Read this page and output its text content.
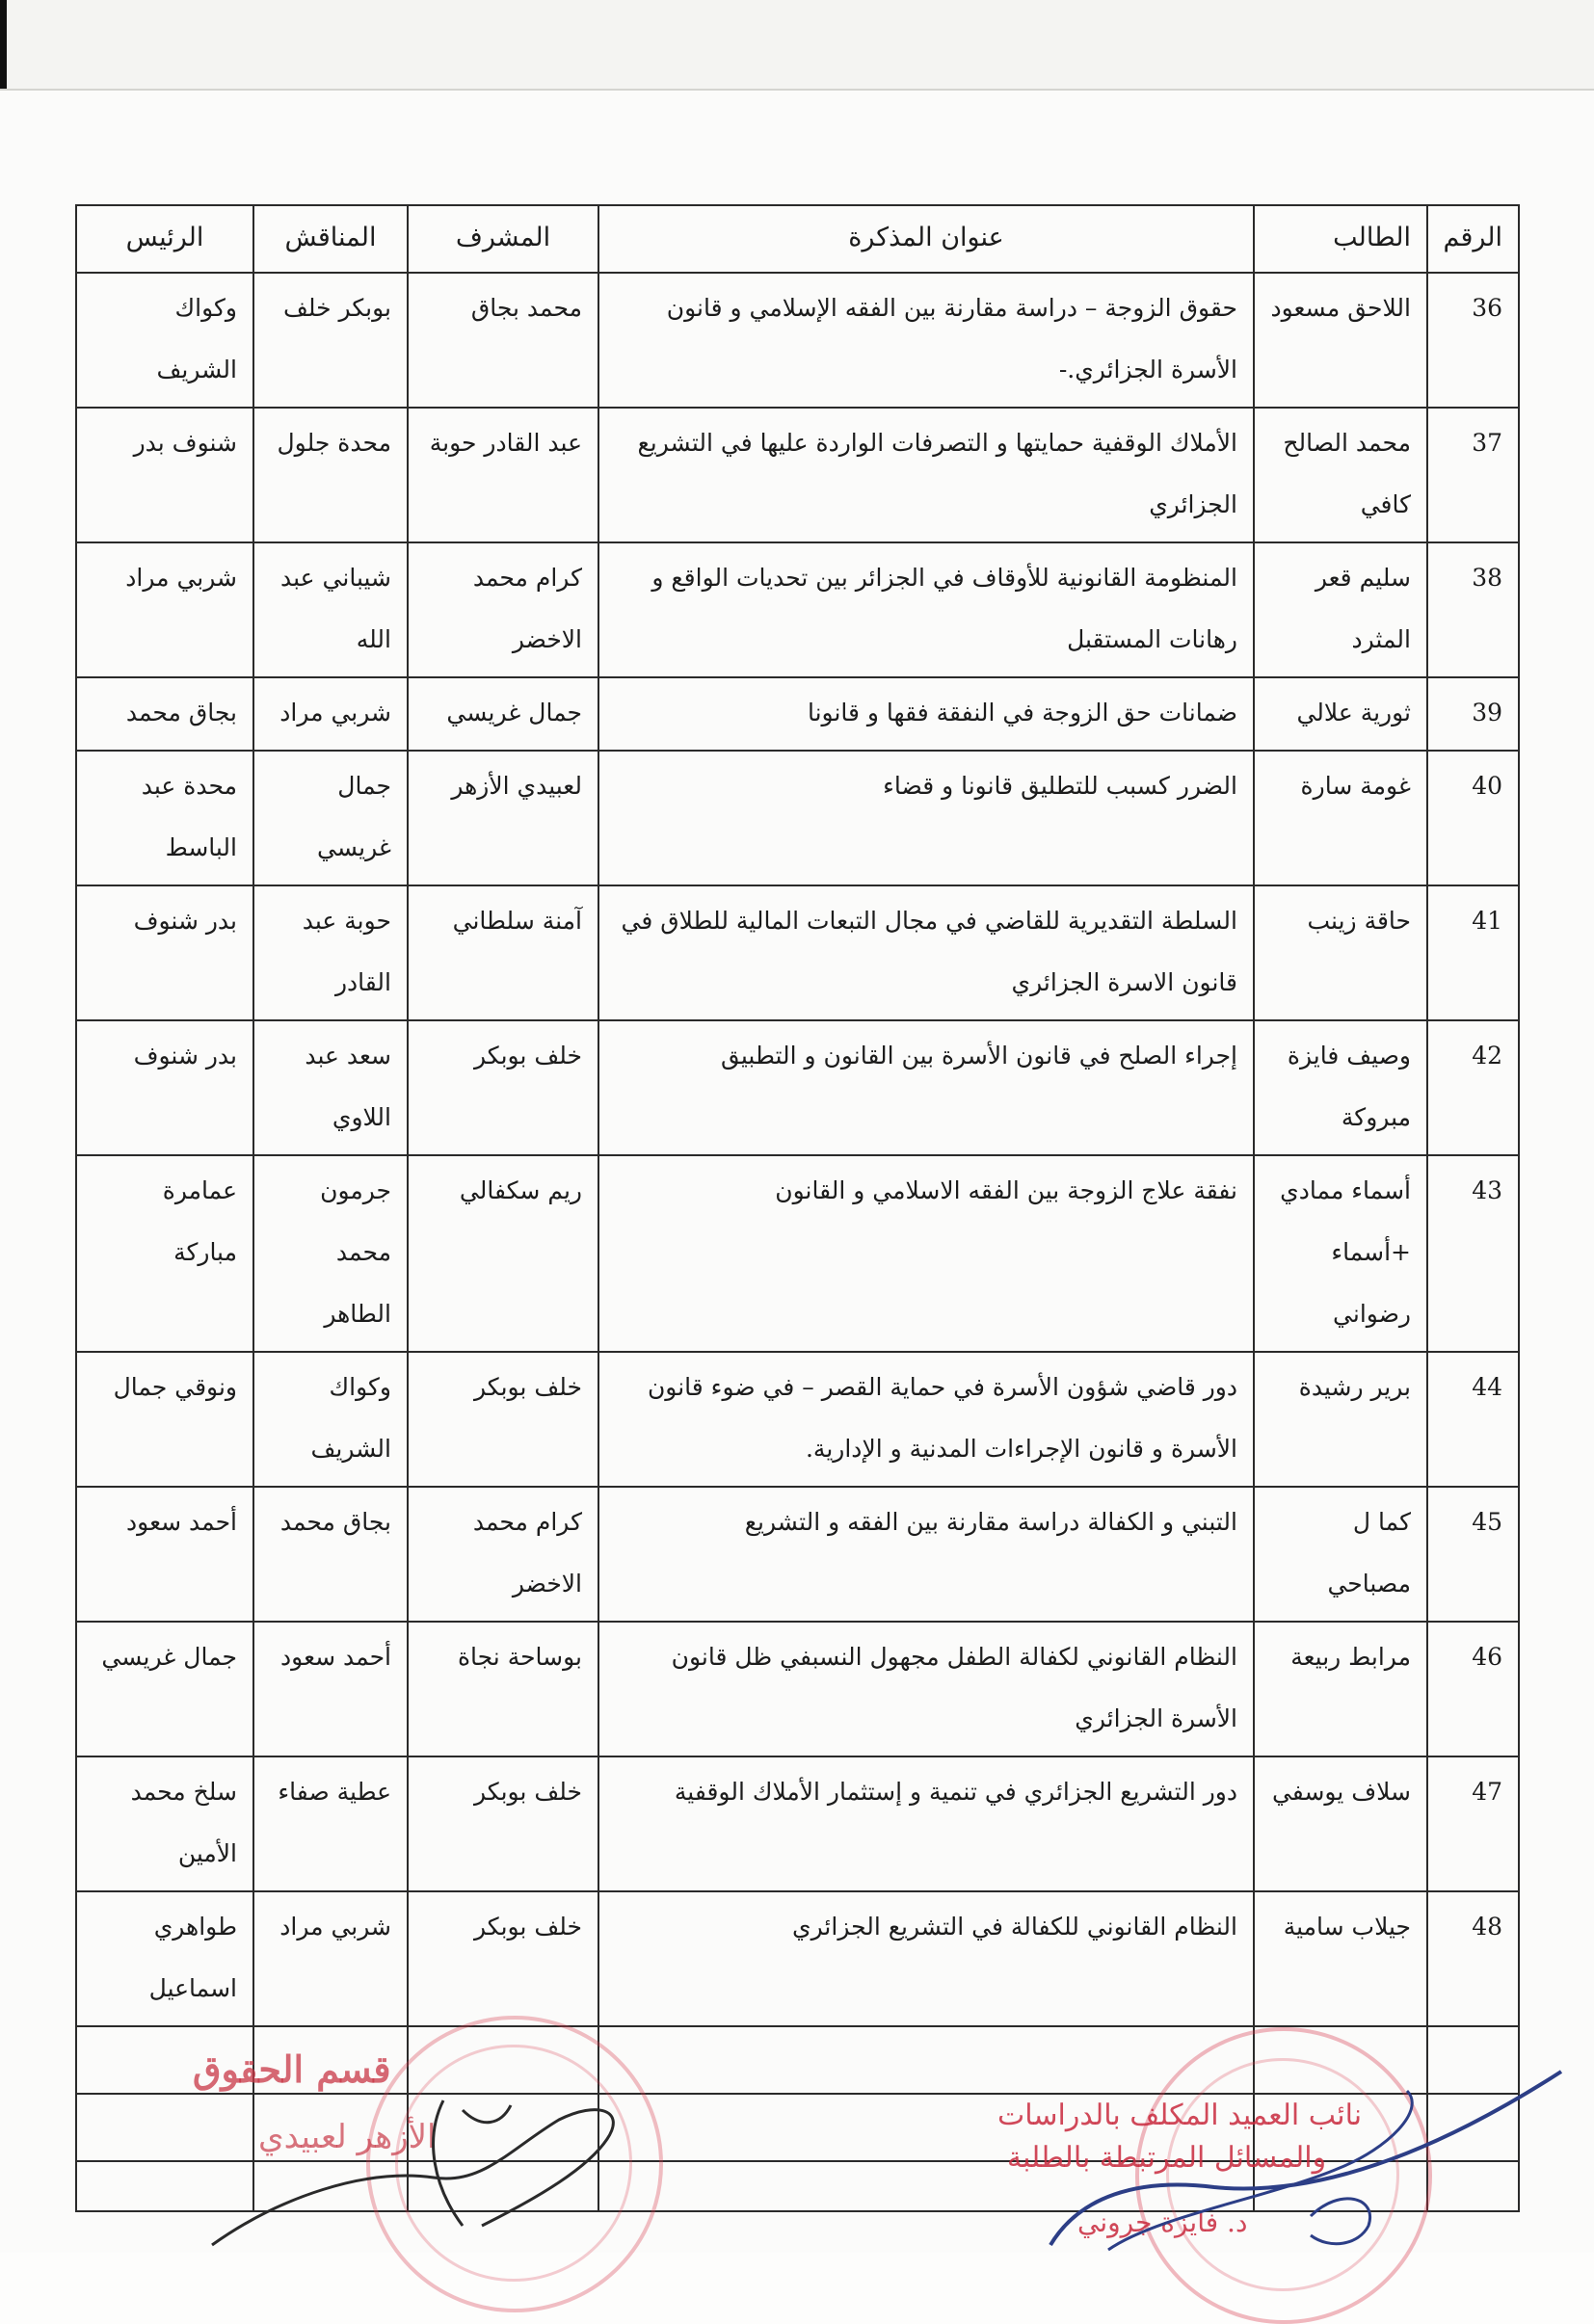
الرقم	الطالب	عنوان المذكرة	المشرف	المناقش	الرئيس
36	اللاحق مسعود	حقوق الزوجة – دراسة مقارنة بين الفقه الإسلامي و قانون الأسرة الجزائري.-	محمد بجاق	بوبكر خلف	وكواك الشريف
37	محمد الصالح كافي	الأملاك الوقفية حمايتها و التصرفات الواردة عليها في التشريع الجزائري	عبد القادر حوبة	محدة جلول	شنوف بدر
38	سليم قعر المثرد	المنظومة القانونية للأوقاف في الجزائر بين تحديات الواقع و رهانات المستقبل	كرام محمد الاخضر	شيباني عبد الله	شربي مراد
39	ثورية علالي	ضمانات حق الزوجة في النفقة فقها و قانونا	جمال غريسي	شربي مراد	بجاق محمد
40	غومة سارة	الضرر كسبب للتطليق قانونا و قضاء	لعبيدي الأزهر	جمال غريسي	محدة عبد الباسط
41	حاقة زينب	السلطة التقديرية للقاضي في مجال التبعات المالية للطلاق في قانون الاسرة الجزائري	آمنة سلطاني	حوبة عبد القادر	بدر شنوف
42	وصيف فايزة مبروكة	إجراء الصلح في قانون الأسرة بين القانون و التطبيق	خلف بوبكر	سعد عبد اللاوي	بدر شنوف
43	أسماء ممادي +أسماء رضواني	نفقة علاج الزوجة بين الفقه الاسلامي و القانون	ريم سكفالي	جرمون محمد الطاهر	عمامرة مباركة
44	برير رشيدة	دور قاضي شؤون الأسرة في حماية القصر – في ضوء قانون الأسرة و قانون الإجراءات المدنية و الإدارية.	خلف بوبكر	وكواك الشريف	ونوقي جمال
45	كما ل مصباحي	التبني و الكفالة دراسة مقارنة بين الفقه و التشريع	كرام محمد الاخضر	بجاق محمد	أحمد سعود
46	مرابط ربيعة	النظام القانوني لكفالة الطفل مجهول النسبفي ظل قانون الأسرة الجزائري	بوساحة نجاة	أحمد سعود	جمال غريسي
47	سلاف يوسفي	دور التشريع الجزائري في تنمية و إستثمار الأملاك الوقفية	خلف بوبكر	عطية صفاء	سلخ محمد الأمين
48	جيلاب سامية	النظام القانوني للكفالة في التشريع الجزائري	خلف بوبكر	شربي مراد	طواهري اسماعيل

قسم الحقوق
الأزهر لعبيدي
نائب العميد المكلف بالدراسات
والمسائل المرتبطة بالطلبة
د. فايزة جروني
